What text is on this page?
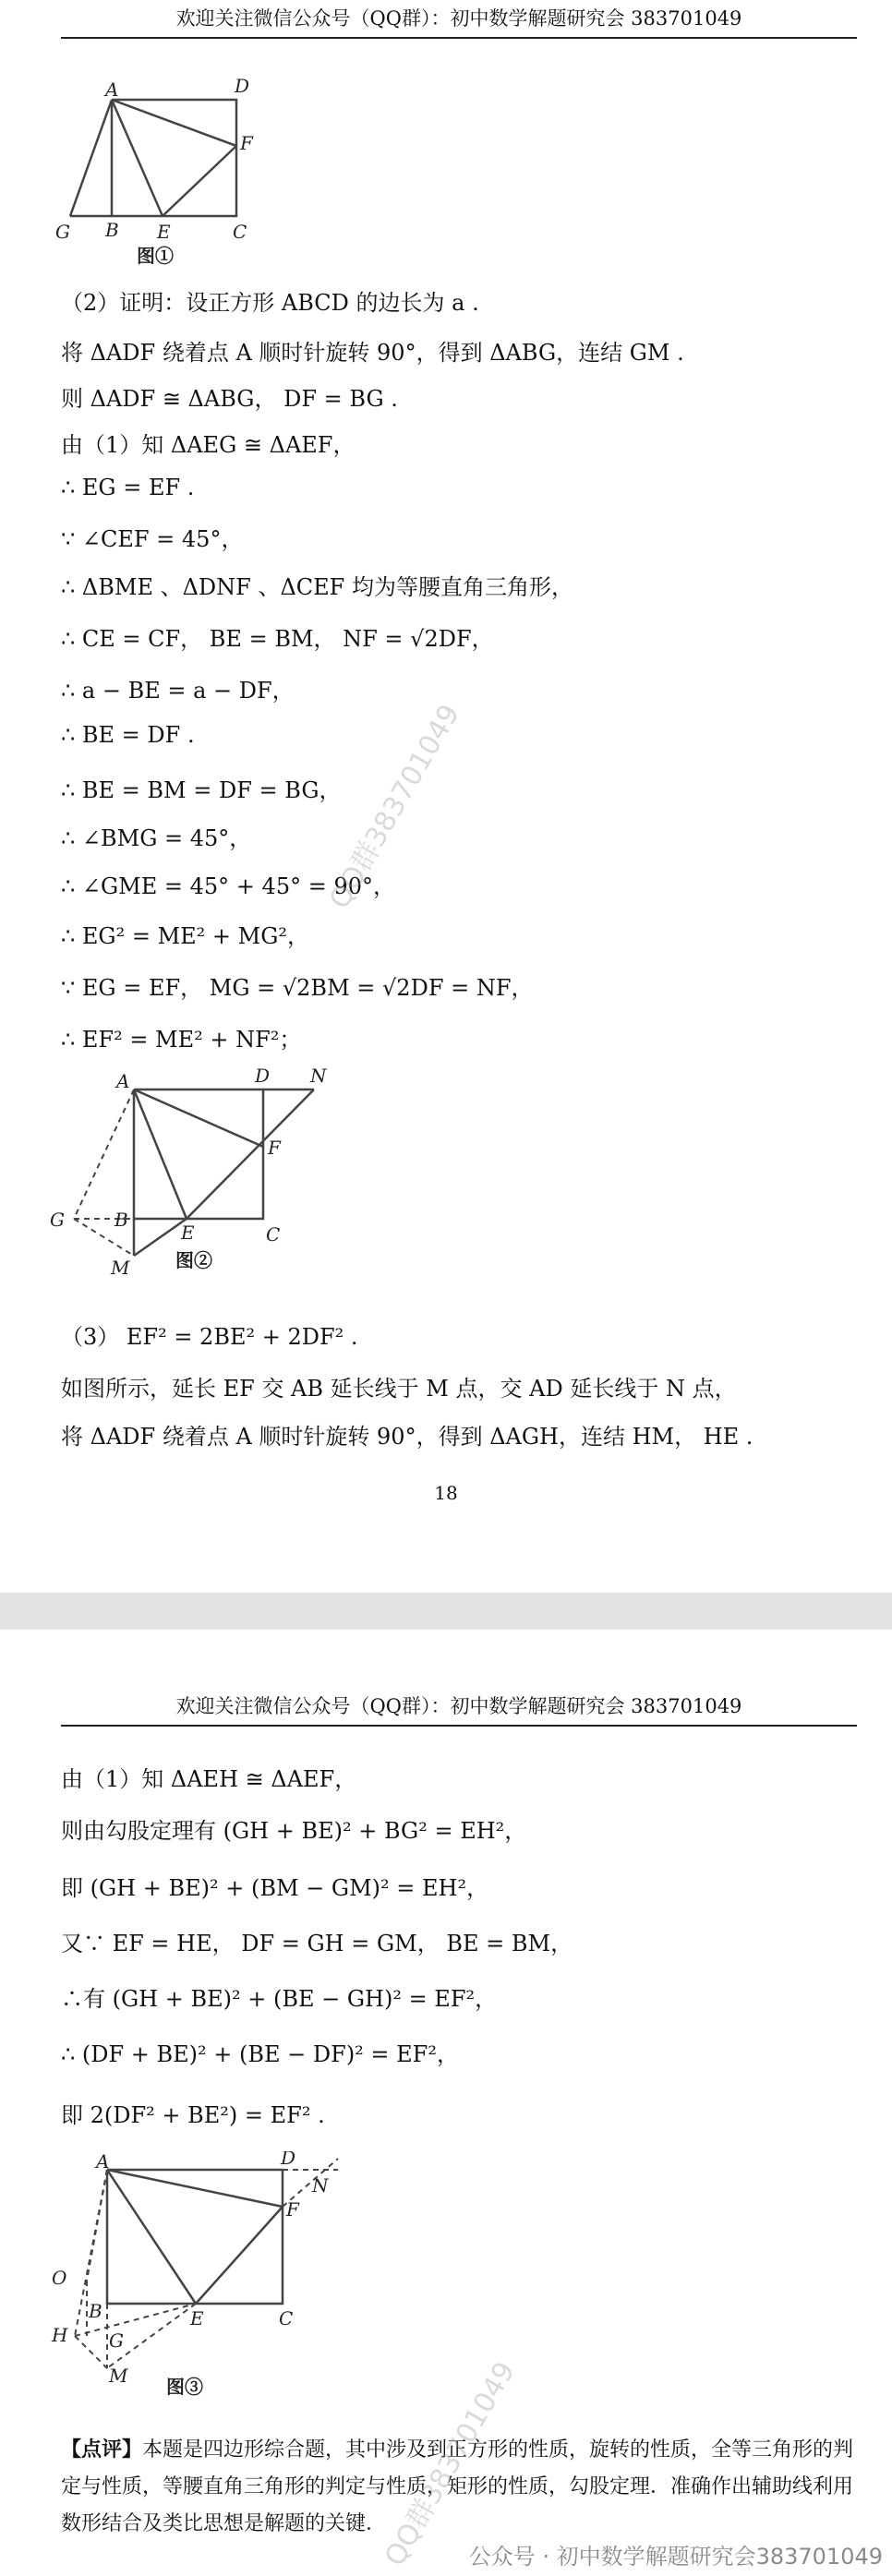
欢迎关注微信公众号（QQ群）：初中数学解题研究会 383701049
A	D
F
G B E	C
图①
（2）证明：设正方形 ABCD 的边长为 a .
将 ΔADF 绕着点 A 顺时针旋转 90°，得到 ΔABG，连结 GM .
则 ΔADF ≅ ΔABG， DF = BG .
由（1）知 ΔAEG ≅ ΔAEF，
∴ EG = EF .
∵ ∠CEF = 45°，
∴ ΔBME 、ΔDNF 、ΔCEF 均为等腰直角三角形，
∴ CE = CF， BE = BM， NF = √2DF，
∴ a − BE = a − DF，
∴ BE = DF .
∴ BE = BM = DF = BG，
∴ ∠BMG = 45°，
∴ ∠GME = 45° + 45° = 90°，
∴ EG² = ME² + MG²，
∵ EG = EF， MG = √2BM = √2DF = NF，
∴ EF² = ME² + NF²；
A	D N
F
G	B
E	C
M 图②
（3） EF² = 2BE² + 2DF² .
如图所示，延长 EF 交 AB 延长线于 M 点，交 AD 延长线于 N 点，
将 ΔADF 绕着点 A 顺时针旋转 90°，得到 ΔAGH，连结 HM， HE .
18
QQ群383701049
欢迎关注微信公众号（QQ群）：初中数学解题研究会 383701049
由（1）知 ΔAEH ≅ ΔAEF，
则由勾股定理有 (GH + BE)² + BG² = EH²，
即 (GH + BE)² + (BM − GM)² = EH²，
又∵ EF = HE， DF = GH = GM， BE = BM，
∴有 (GH + BE)² + (BE − GH)² = EF²，
∴ (DF + BE)² + (BE − DF)² = EF²，
即 2(DF² + BE²) = EF² .
A	D
N
F
O
B	E	C
H G
M 图③
【点评】本题是四边形综合题，其中涉及到正方形的性质，旋转的性质，全等三角形的判定与性质，等腰直角三角形的判定与性质，矩形的性质，勾股定理．准确作出辅助线利用数形结合及类比思想是解题的关键．
QQ群383701049
公众号 · 初中数学解题研究会383701049
